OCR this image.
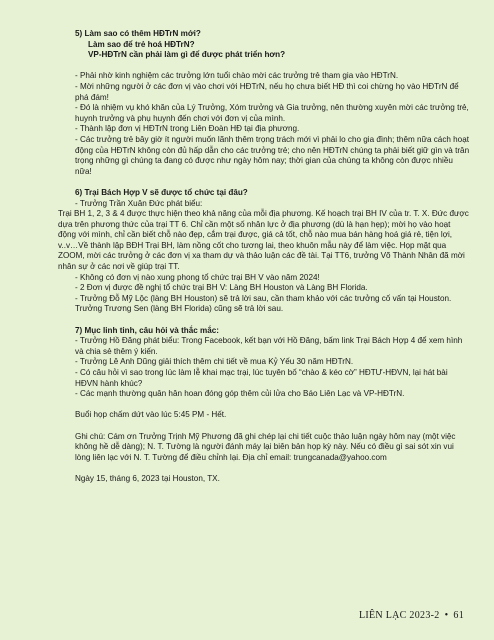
5) Làm sao có thêm HĐTrN mới?
Làm sao để trẻ hoá HĐTrN?
VP-HĐTrN cần phải làm gì để được phát triển hơn?
- Phải nhờ kinh nghiệm các trưởng lớn tuổi chào mời các trưởng trẻ tham gia vào HĐTrN.
- Mời những người ở các đơn vị vào chơi với HĐTrN, nếu họ chưa biết HĐ thì coi chừng họ vào HĐTrN để phá đám!
- Đó là nhiệm vụ khó khăn của Lý Trưởng, Xóm trưởng và Gia trưởng, nên thường xuyên mời các trưởng trẻ, huynh trưởng và phụ huynh đến chơi với đơn vị của mình.
- Thành lập đơn vị HĐTrN trong Liên Đoàn HĐ tại địa phương.
- Các trưởng trẻ bây giờ ít người muốn lãnh thêm trọng trách mới vì phải lo cho gia đình; thêm nữa cách hoạt động của HĐTrN không còn đủ hấp dẫn cho các trưởng trẻ; cho nên HĐTrN chúng ta phải biết giữ gìn và trân trọng những gì chúng ta đang có được như ngày hôm nay; thời gian của chúng ta không còn được nhiều nữa!
6) Trại Bách Hợp V sẽ được tổ chức tại đâu?
- Trưởng Trần Xuân Đức phát biểu:
Trại BH 1, 2, 3 & 4 được thực hiện theo khả năng của mỗi địa phương. Kế hoạch trại BH IV của tr. T. X. Đức được dựa trên phương thức của trại TT 6. Chỉ cần một số nhân lực ở địa phương (dù là hạn hẹp); mời họ vào hoạt động với mình, chỉ cần biết chỗ nào đẹp, cắm trại được, giá cả tốt, chỗ nào mua bán hàng hoá giá rẻ, tiện lợi, v..v…Về thành lập BĐH Trại BH, làm nồng cốt cho tương lai, theo khuôn mẫu này để làm việc. Họp mặt qua ZOOM, mời các trưởng ở các đơn vị xa tham dự và thảo luận các đề tài. Tại TT6, trưởng Võ Thành Nhân đã mời nhân sự ở các nơi về giúp trại TT.
- Không có đơn vị nào xung phong tổ chức trại BH V vào năm 2024!
- 2 Đơn vị được đề nghị tổ chức trại BH V: Làng BH Houston và Làng BH Florida.
- Trưởng Đỗ Mỹ Lộc (làng BH Houston) sẽ trả lời sau, cần tham khảo với các trưởng cố vấn tại Houston. Trưởng Trương Sen (làng BH Florida) cũng sẽ trả lời sau.
7) Mục linh tinh, câu hỏi và thắc mắc:
- Trưởng Hồ Đăng phát biểu: Trong Facebook, kết bạn với Hồ Đăng, bấm link Trại Bách Hợp 4 để xem hình và chia sẻ thêm ý kiến.
- Trưởng Lê Anh Dũng giải thích thêm chi tiết về mua Kỷ Yếu 30 năm HĐTrN.
- Có câu hỏi vì sao trong lúc làm lễ khai mạc trại, lúc tuyên bố “chào & kéo cờ” HĐTƯ-HĐVN, lại hát bài HĐVN hành khúc?
- Các mạnh thường quân hân hoan đóng góp thêm củi lửa cho Báo Liên Lạc và VP-HĐTrN.
Buổi họp chấm dứt vào lúc 5:45 PM - Hết.
Ghi chú: Cám ơn Trưởng Trịnh Mỹ Phương đã ghi chép lại chi tiết cuộc thảo luận ngày hôm nay (một việc không hề dễ dàng); N. T. Tường là người đánh máy lại biên bản họp kỳ này. Nếu có điều gì sai sót xin vui lòng liên lạc với N. T. Tường để điều chỉnh lại. Địa chỉ email: trungcanada@yahoo.com
Ngày 15, tháng 6, 2023 tại Houston, TX.
LIÊN LẠC 2023-2 • 61
